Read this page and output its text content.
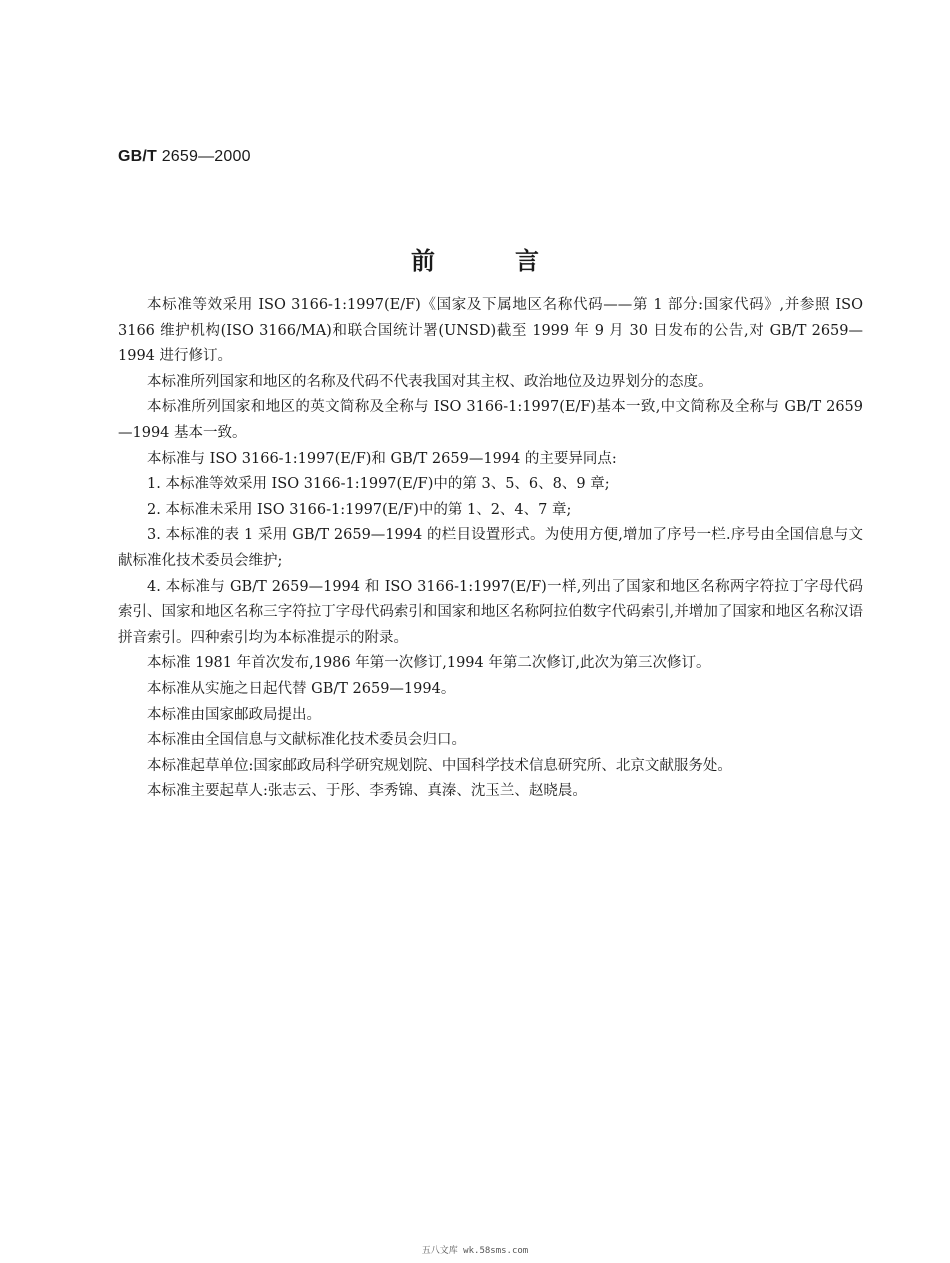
GB/T 2659—2000
前言

本标准等效采用 ISO 3166-1:1997(E/F)《国家及下属地区名称代码——第 1 部分:国家代码》,并参照 ISO 3166 维护机构(ISO 3166/MA)和联合国统计署(UNSD)截至 1999 年 9 月 30 日发布的公告,对 GB/T 2659—1994 进行修订。

本标准所列国家和地区的名称及代码不代表我国对其主权、政治地位及边界划分的态度。

本标准所列国家和地区的英文简称及全称与 ISO 3166-1:1997(E/F)基本一致,中文简称及全称与 GB/T 2659—1994 基本一致。

本标准与 ISO 3166-1:1997(E/F)和 GB/T 2659—1994 的主要异同点:

1. 本标准等效采用 ISO 3166-1:1997(E/F)中的第 3、5、6、8、9 章;

2. 本标准未采用 ISO 3166-1:1997(E/F)中的第 1、2、4、7 章;

3. 本标准的表 1 采用 GB/T 2659—1994 的栏目设置形式。为使用方便,增加了序号一栏.序号由全国信息与文献标准化技术委员会维护;

4. 本标准与 GB/T 2659—1994 和 ISO 3166-1:1997(E/F)一样,列出了国家和地区名称两字符拉丁字母代码索引、国家和地区名称三字符拉丁字母代码索引和国家和地区名称阿拉伯数字代码索引,并增加了国家和地区名称汉语拼音索引。四种索引均为本标准提示的附录。

本标准 1981 年首次发布,1986 年第一次修订,1994 年第二次修订,此次为第三次修订。

本标准从实施之日起代替 GB/T 2659—1994。

本标准由国家邮政局提出。

本标准由全国信息与文献标准化技术委员会归口。

本标准起草单位:国家邮政局科学研究规划院、中国科学技术信息研究所、北京文献服务处。

本标准主要起草人:张志云、于彤、李秀锦、真溱、沈玉兰、赵晓晨。

五八文库 wk.58sms.com
